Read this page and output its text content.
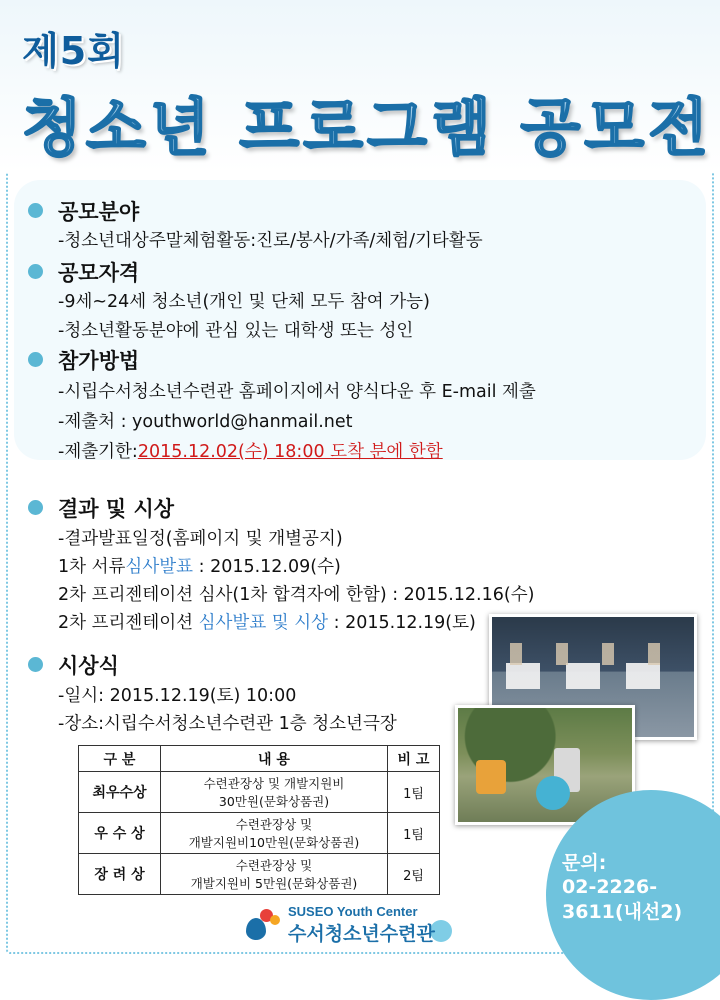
제5회
청소년 프로그램 공모전
공모분야
-청소년대상주말체험활동:진로/봉사/가족/체험/기타활동
공모자격
-9세~24세 청소년(개인 및 단체 모두 참여 가능)
-청소년활동분야에 관심 있는 대학생 또는 성인
참가방법
-시립수서청소년수련관 홈페이지에서 양식다운 후 E-mail 제출
-제출처 : youthworld@hanmail.net
-제출기한:2015.12.02(수) 18:00 도착 분에 한함
결과 및 시상
-결과발표일정(홈페이지 및 개별공지)
1차 서류심사발표 : 2015.12.09(수)
2차 프리젠테이션 심사(1차 합격자에 한함) : 2015.12.16(수)
2차 프리젠테이션 심사발표 및 시상 : 2015.12.19(토)
시상식
-일시: 2015.12.19(토) 10:00
-장소:시립수서청소년수련관 1층 청소년극장
구 분	내 용	비 고
최우수상	수련관장상 및 개발지원비
30만원(문화상품권)	1팀
우 수 상	수련관장상 및
개발지원비10만원(문화상품권)	1팀
장 려 상	수련관장상 및
개발지원비 5만원(문화상품권)	2팀
문의:
02-2226-
3611(내선2)
SUSEO Youth Center
수서청소년수련관
